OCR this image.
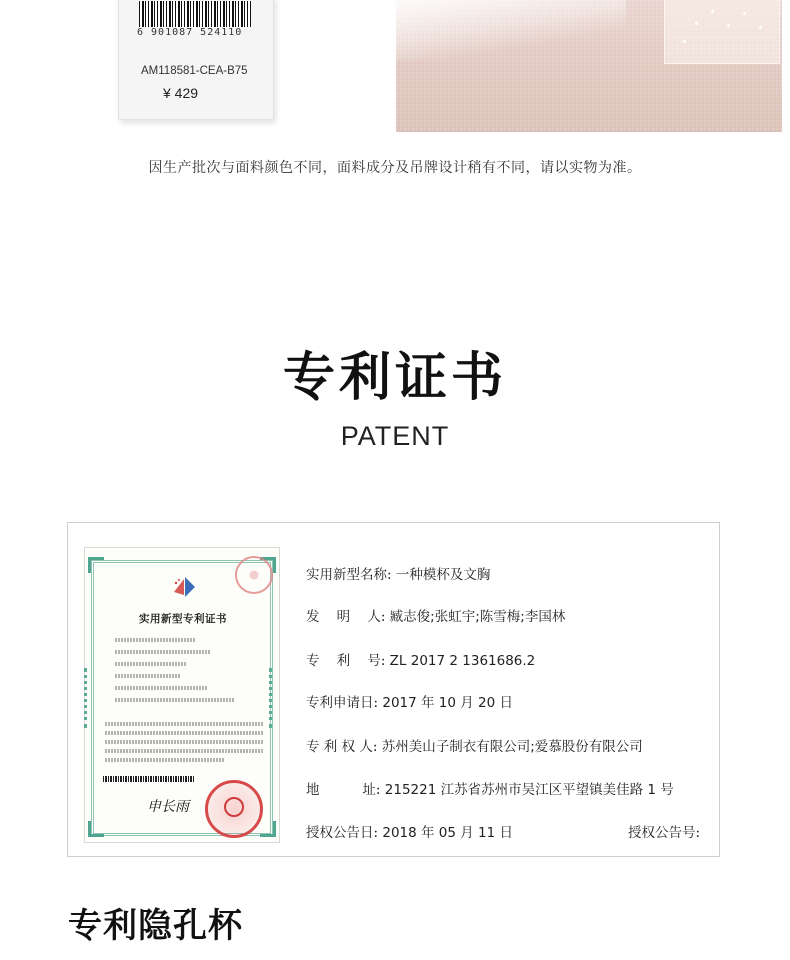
6 901087 524110
AM118581-CEA-B75
¥ 429
因生产批次与面料颜色不同，面料成分及吊牌设计稍有不同，请以实物为准。
专利证书
PATENT
实用新型专利证书
申长雨
实用新型名称: 一种模杯及文胸
发    明    人: 臧志俊;张虹宇;陈雪梅;李国林
专    利    号: ZL 2017 2 1361686.2
专利申请日: 2017 年 10 月 20 日
专 利 权 人: 苏州美山子制衣有限公司;爱慕股份有限公司
地          址: 215221 江苏省苏州市吴江区平望镇美佳路 1 号
授权公告日: 2018 年 05 月 11 日	授权公告号:
专利隐孔杯
